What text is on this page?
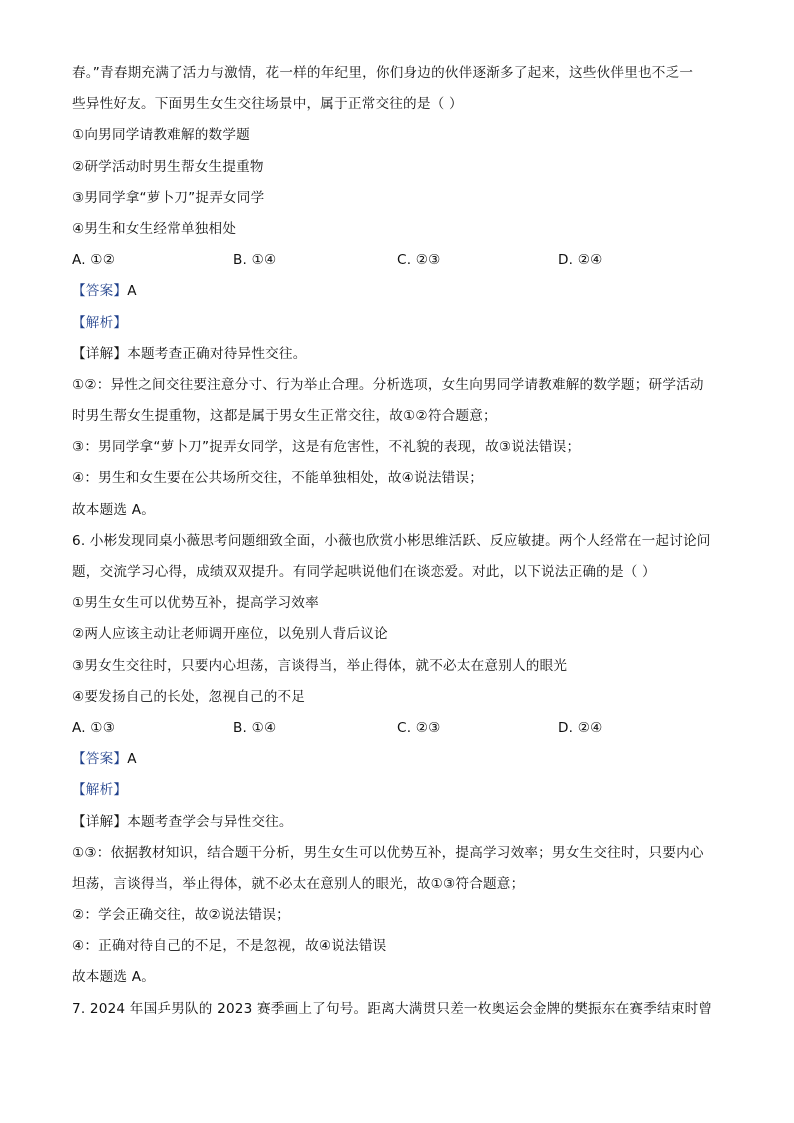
春。”青春期充满了活力与激情，花一样的年纪里，你们身边的伙伴逐渐多了起来，这些伙伴里也不乏一
些异性好友。下面男生女生交往场景中，属于正常交往的是（ ）
①向男同学请教难解的数学题
②研学活动时男生帮女生提重物
③男同学拿“萝卜刀”捉弄女同学
④男生和女生经常单独相处
A. ①②	B. ①④	C. ②③	D. ②④
【答案】A
【解析】
【详解】本题考查正确对待异性交往。
①②：异性之间交往要注意分寸、行为举止合理。分析选项，女生向男同学请教难解的数学题；研学活动
时男生帮女生提重物，这都是属于男女生正常交往，故①②符合题意；
③：男同学拿“萝卜刀”捉弄女同学，这是有危害性，不礼貌的表现，故③说法错误；
④：男生和女生要在公共场所交往，不能单独相处，故④说法错误；
故本题选 A。
6. 小彬发现同桌小薇思考问题细致全面，小薇也欣赏小彬思维活跃、反应敏捷。两个人经常在一起讨论问
题，交流学习心得，成绩双双提升。有同学起哄说他们在谈恋爱。对此，以下说法正确的是（ ）
①男生女生可以优势互补，提高学习效率
②两人应该主动让老师调开座位，以免别人背后议论
③男女生交往时，只要内心坦荡，言谈得当，举止得体，就不必太在意别人的眼光
④要发扬自己的长处，忽视自己的不足
A. ①③	B. ①④	C. ②③	D. ②④
【答案】A
【解析】
【详解】本题考查学会与异性交往。
①③：依据教材知识，结合题干分析，男生女生可以优势互补，提高学习效率；男女生交往时，只要内心
坦荡，言谈得当，举止得体，就不必太在意别人的眼光，故①③符合题意；
②：学会正确交往，故②说法错误；
④：正确对待自己的不足，不是忽视，故④说法错误
故本题选 A。
7. 2024 年国乒男队的 2023 赛季画上了句号。距离大满贯只差一枚奥运会金牌的樊振东在赛季结束时曾
